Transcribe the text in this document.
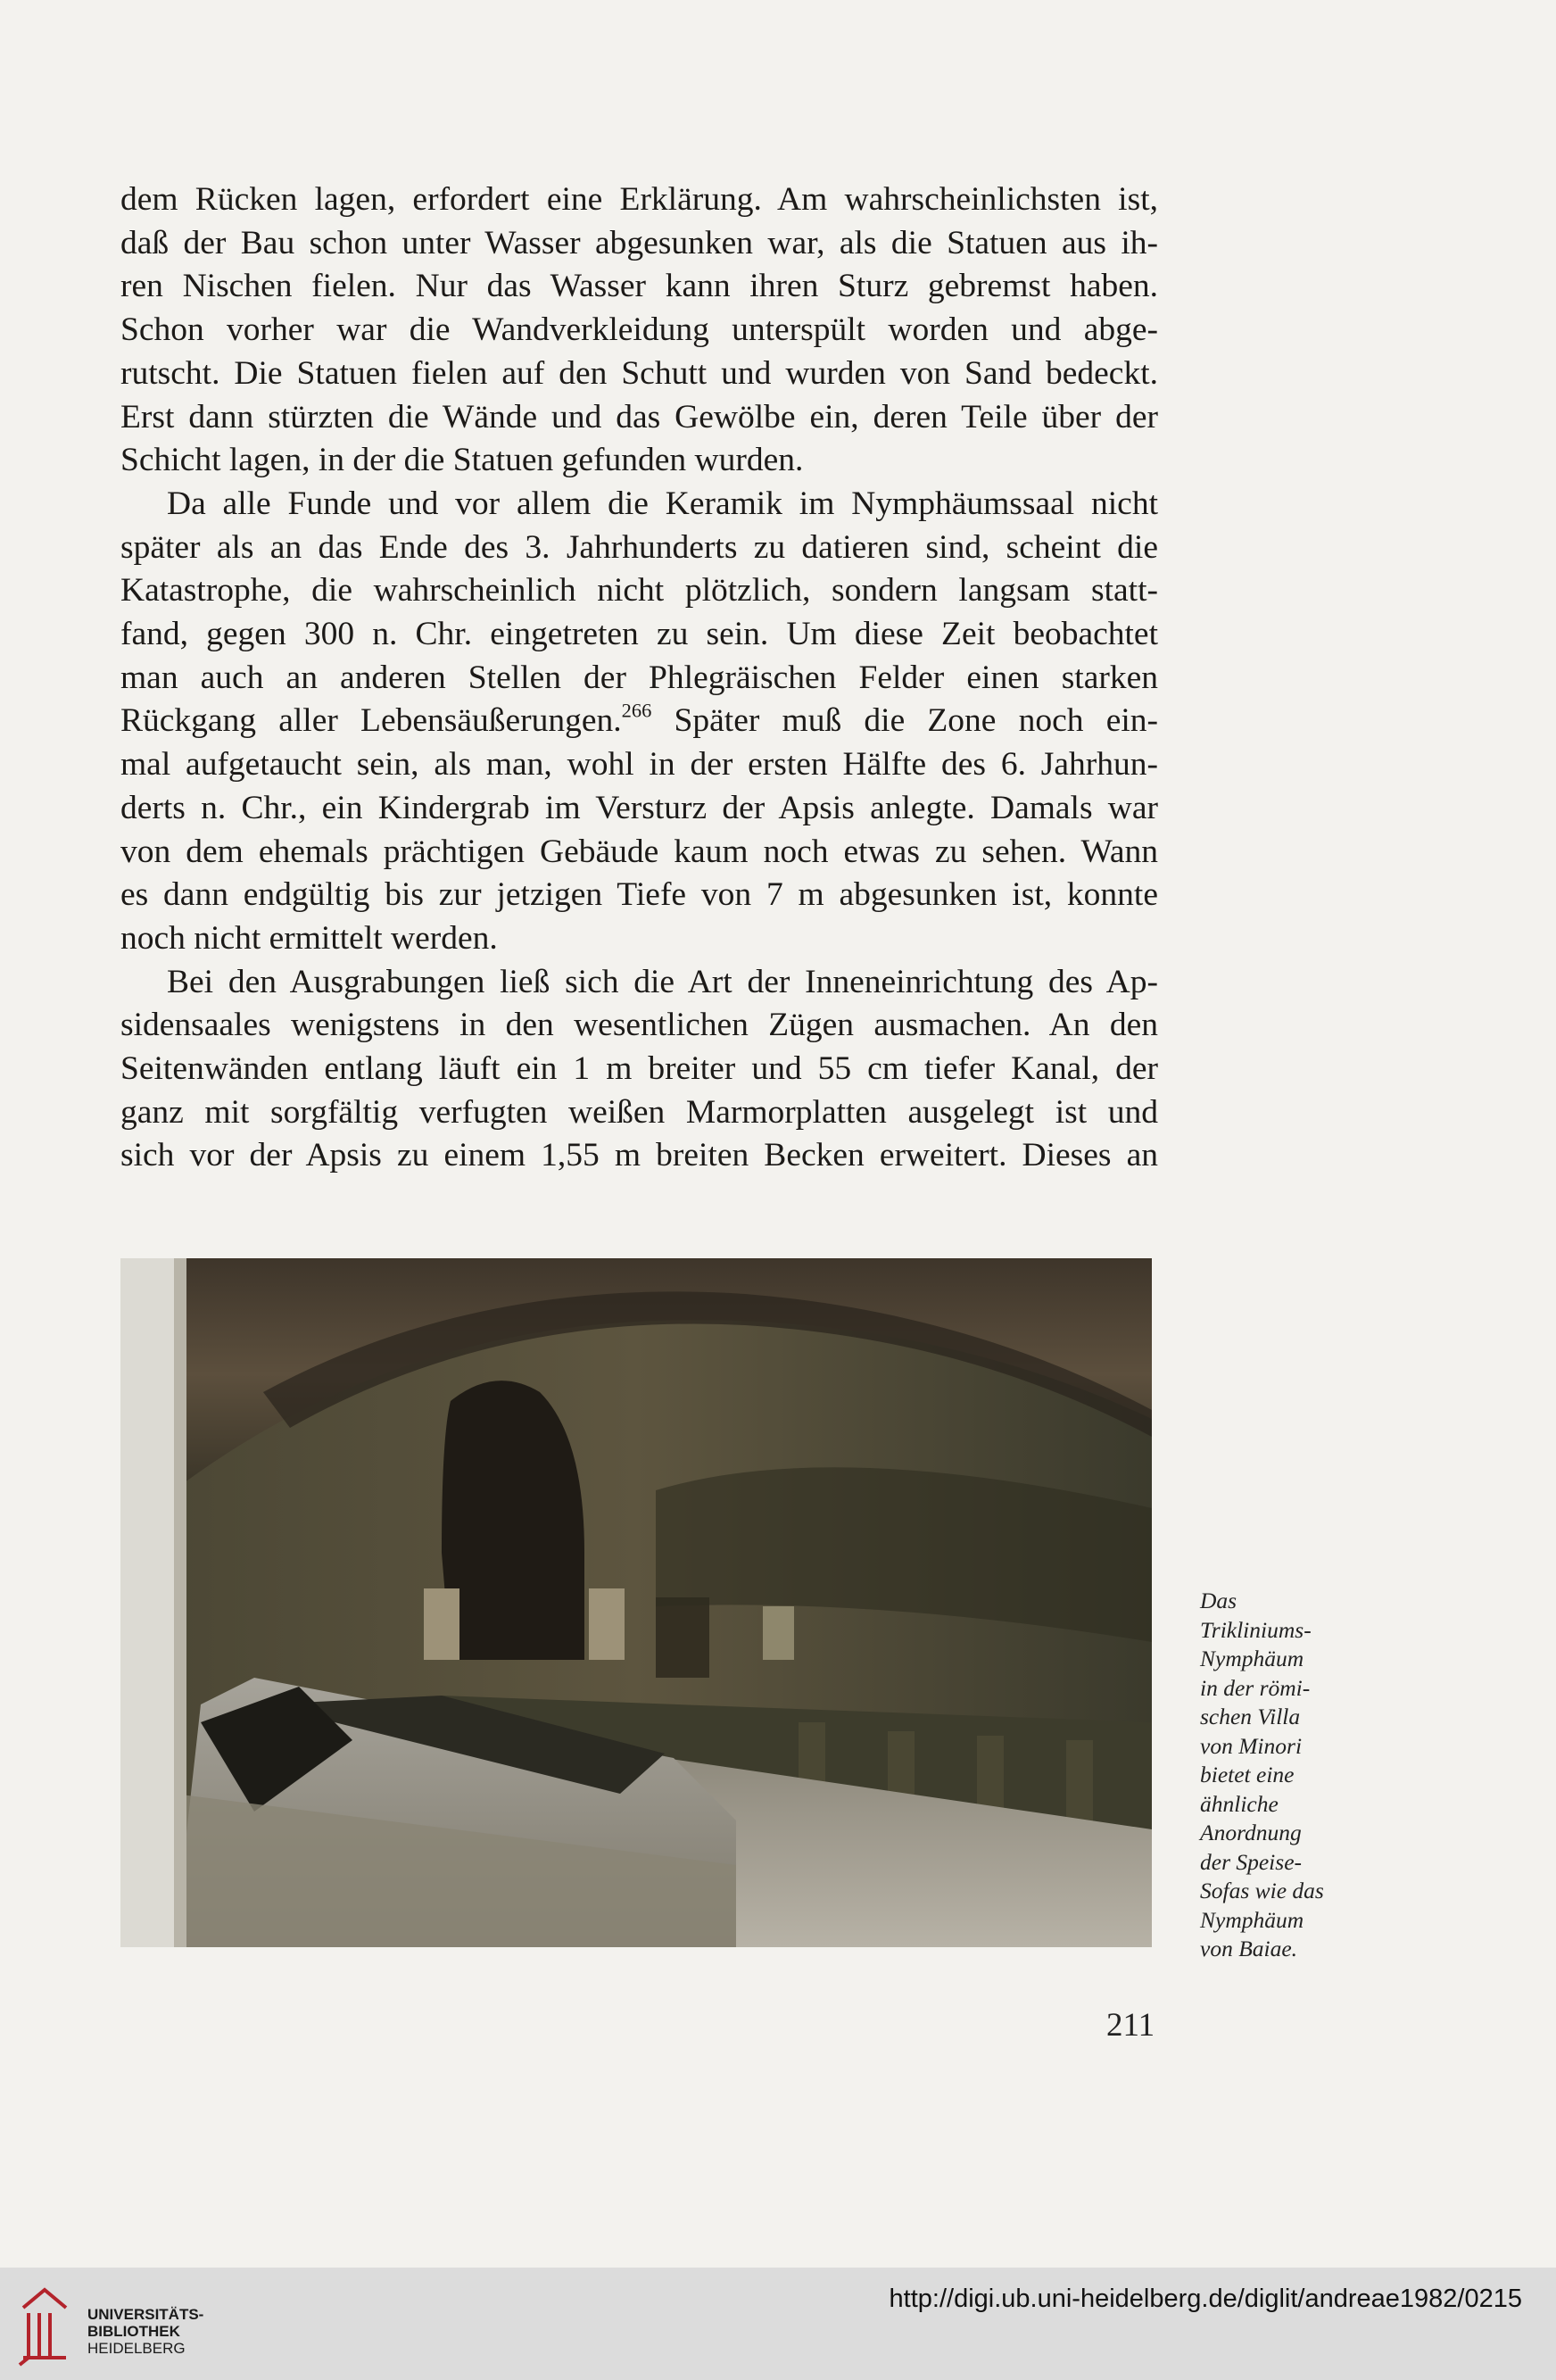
dem Rücken lagen, erfordert eine Erklärung. Am wahrscheinlichsten ist,
daß der Bau schon unter Wasser abgesunken war, als die Statuen aus ih-
ren Nischen fielen. Nur das Wasser kann ihren Sturz gebremst haben.
Schon vorher war die Wandverkleidung unterspült worden und abge-
rutscht. Die Statuen fielen auf den Schutt und wurden von Sand bedeckt.
Erst dann stürzten die Wände und das Gewölbe ein, deren Teile über der
Schicht lagen, in der die Statuen gefunden wurden.

Da alle Funde und vor allem die Keramik im Nymphäumssaal nicht
später als an das Ende des 3. Jahrhunderts zu datieren sind, scheint die
Katastrophe, die wahrscheinlich nicht plötzlich, sondern langsam statt-
fand, gegen 300 n. Chr. eingetreten zu sein. Um diese Zeit beobachtet
man auch an anderen Stellen der Phlegräischen Felder einen starken
Rückgang aller Lebensäußerungen.$^{266}$ Später muß die Zone noch ein-
mal aufgetaucht sein, als man, wohl in der ersten Hälfte des 6. Jahrhun-
derts n. Chr., ein Kindergrab im Versturz der Apsis anlegte. Damals war
von dem ehemals prächtigen Gebäude kaum noch etwas zu sehen. Wann
es dann endgültig bis zur jetzigen Tiefe von 7 m abgesunken ist, konnte
noch nicht ermittelt werden.

Bei den Ausgrabungen ließ sich die Art der Inneneinrichtung des Ap-
sidensaales wenigstens in den wesentlichen Zügen ausmachen. An den
Seitenwänden entlang läuft ein 1 m breiter und 55 cm tiefer Kanal, der
ganz mit sorgfältig verfugten weißen Marmorplatten ausgelegt ist und
sich vor der Apsis zu einem 1,55 m breiten Becken erweitert. Dieses an

Das
Trikliniums-
Nymphäum
in der römi-
schen Villa
von Minori
bietet eine
ähnliche
Anordnung
der Speise-
Sofas wie das
Nymphäum
von Baiae.
211
UNIVERSITÄTS-
BIBLIOTHEK
HEIDELBERG
http://digi.ub.uni-heidelberg.de/diglit/andreae1982/0215
